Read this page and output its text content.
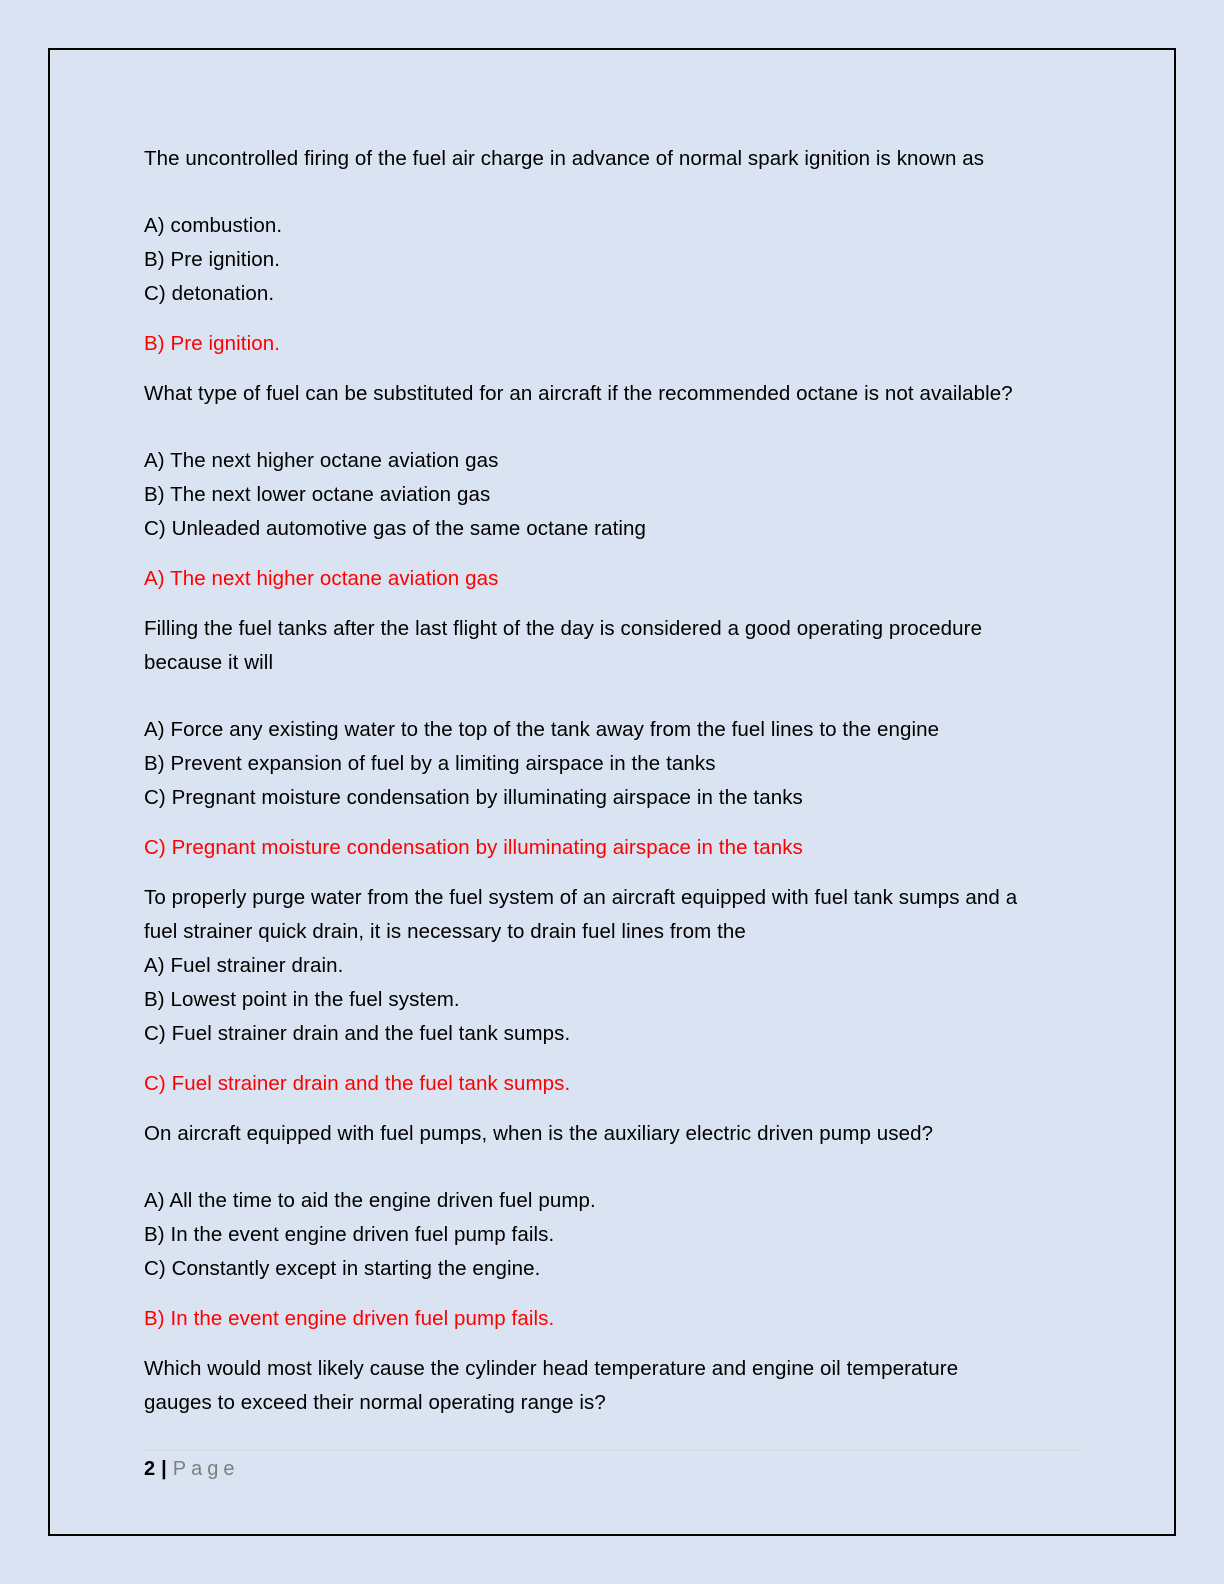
The uncontrolled firing of the fuel air charge in advance of normal spark ignition is known as
A) combustion.
B) Pre ignition.
C) detonation.
B) Pre ignition.
What type of fuel can be substituted for an aircraft if the recommended octane is not available?
A) The next higher octane aviation gas
B) The next lower octane aviation gas
C) Unleaded automotive gas of the same octane rating
A) The next higher octane aviation gas
Filling the fuel tanks after the last flight of the day is considered a good operating procedure
because it will
A) Force any existing water to the top of the tank away from the fuel lines to the engine
B) Prevent expansion of fuel by a limiting airspace in the tanks
C) Pregnant moisture condensation by illuminating airspace in the tanks
C) Pregnant moisture condensation by illuminating airspace in the tanks
To properly purge water from the fuel system of an aircraft equipped with fuel tank sumps and a
fuel strainer quick drain, it is necessary to drain fuel lines from the
A) Fuel strainer drain.
B) Lowest point in the fuel system.
C) Fuel strainer drain and the fuel tank sumps.
C) Fuel strainer drain and the fuel tank sumps.
On aircraft equipped with fuel pumps, when is the auxiliary electric driven pump used?
A) All the time to aid the engine driven fuel pump.
B) In the event engine driven fuel pump fails.
C) Constantly except in starting the engine.
B) In the event engine driven fuel pump fails.
Which would most likely cause the cylinder head temperature and engine oil temperature
gauges to exceed their normal operating range is?
2 | Page
